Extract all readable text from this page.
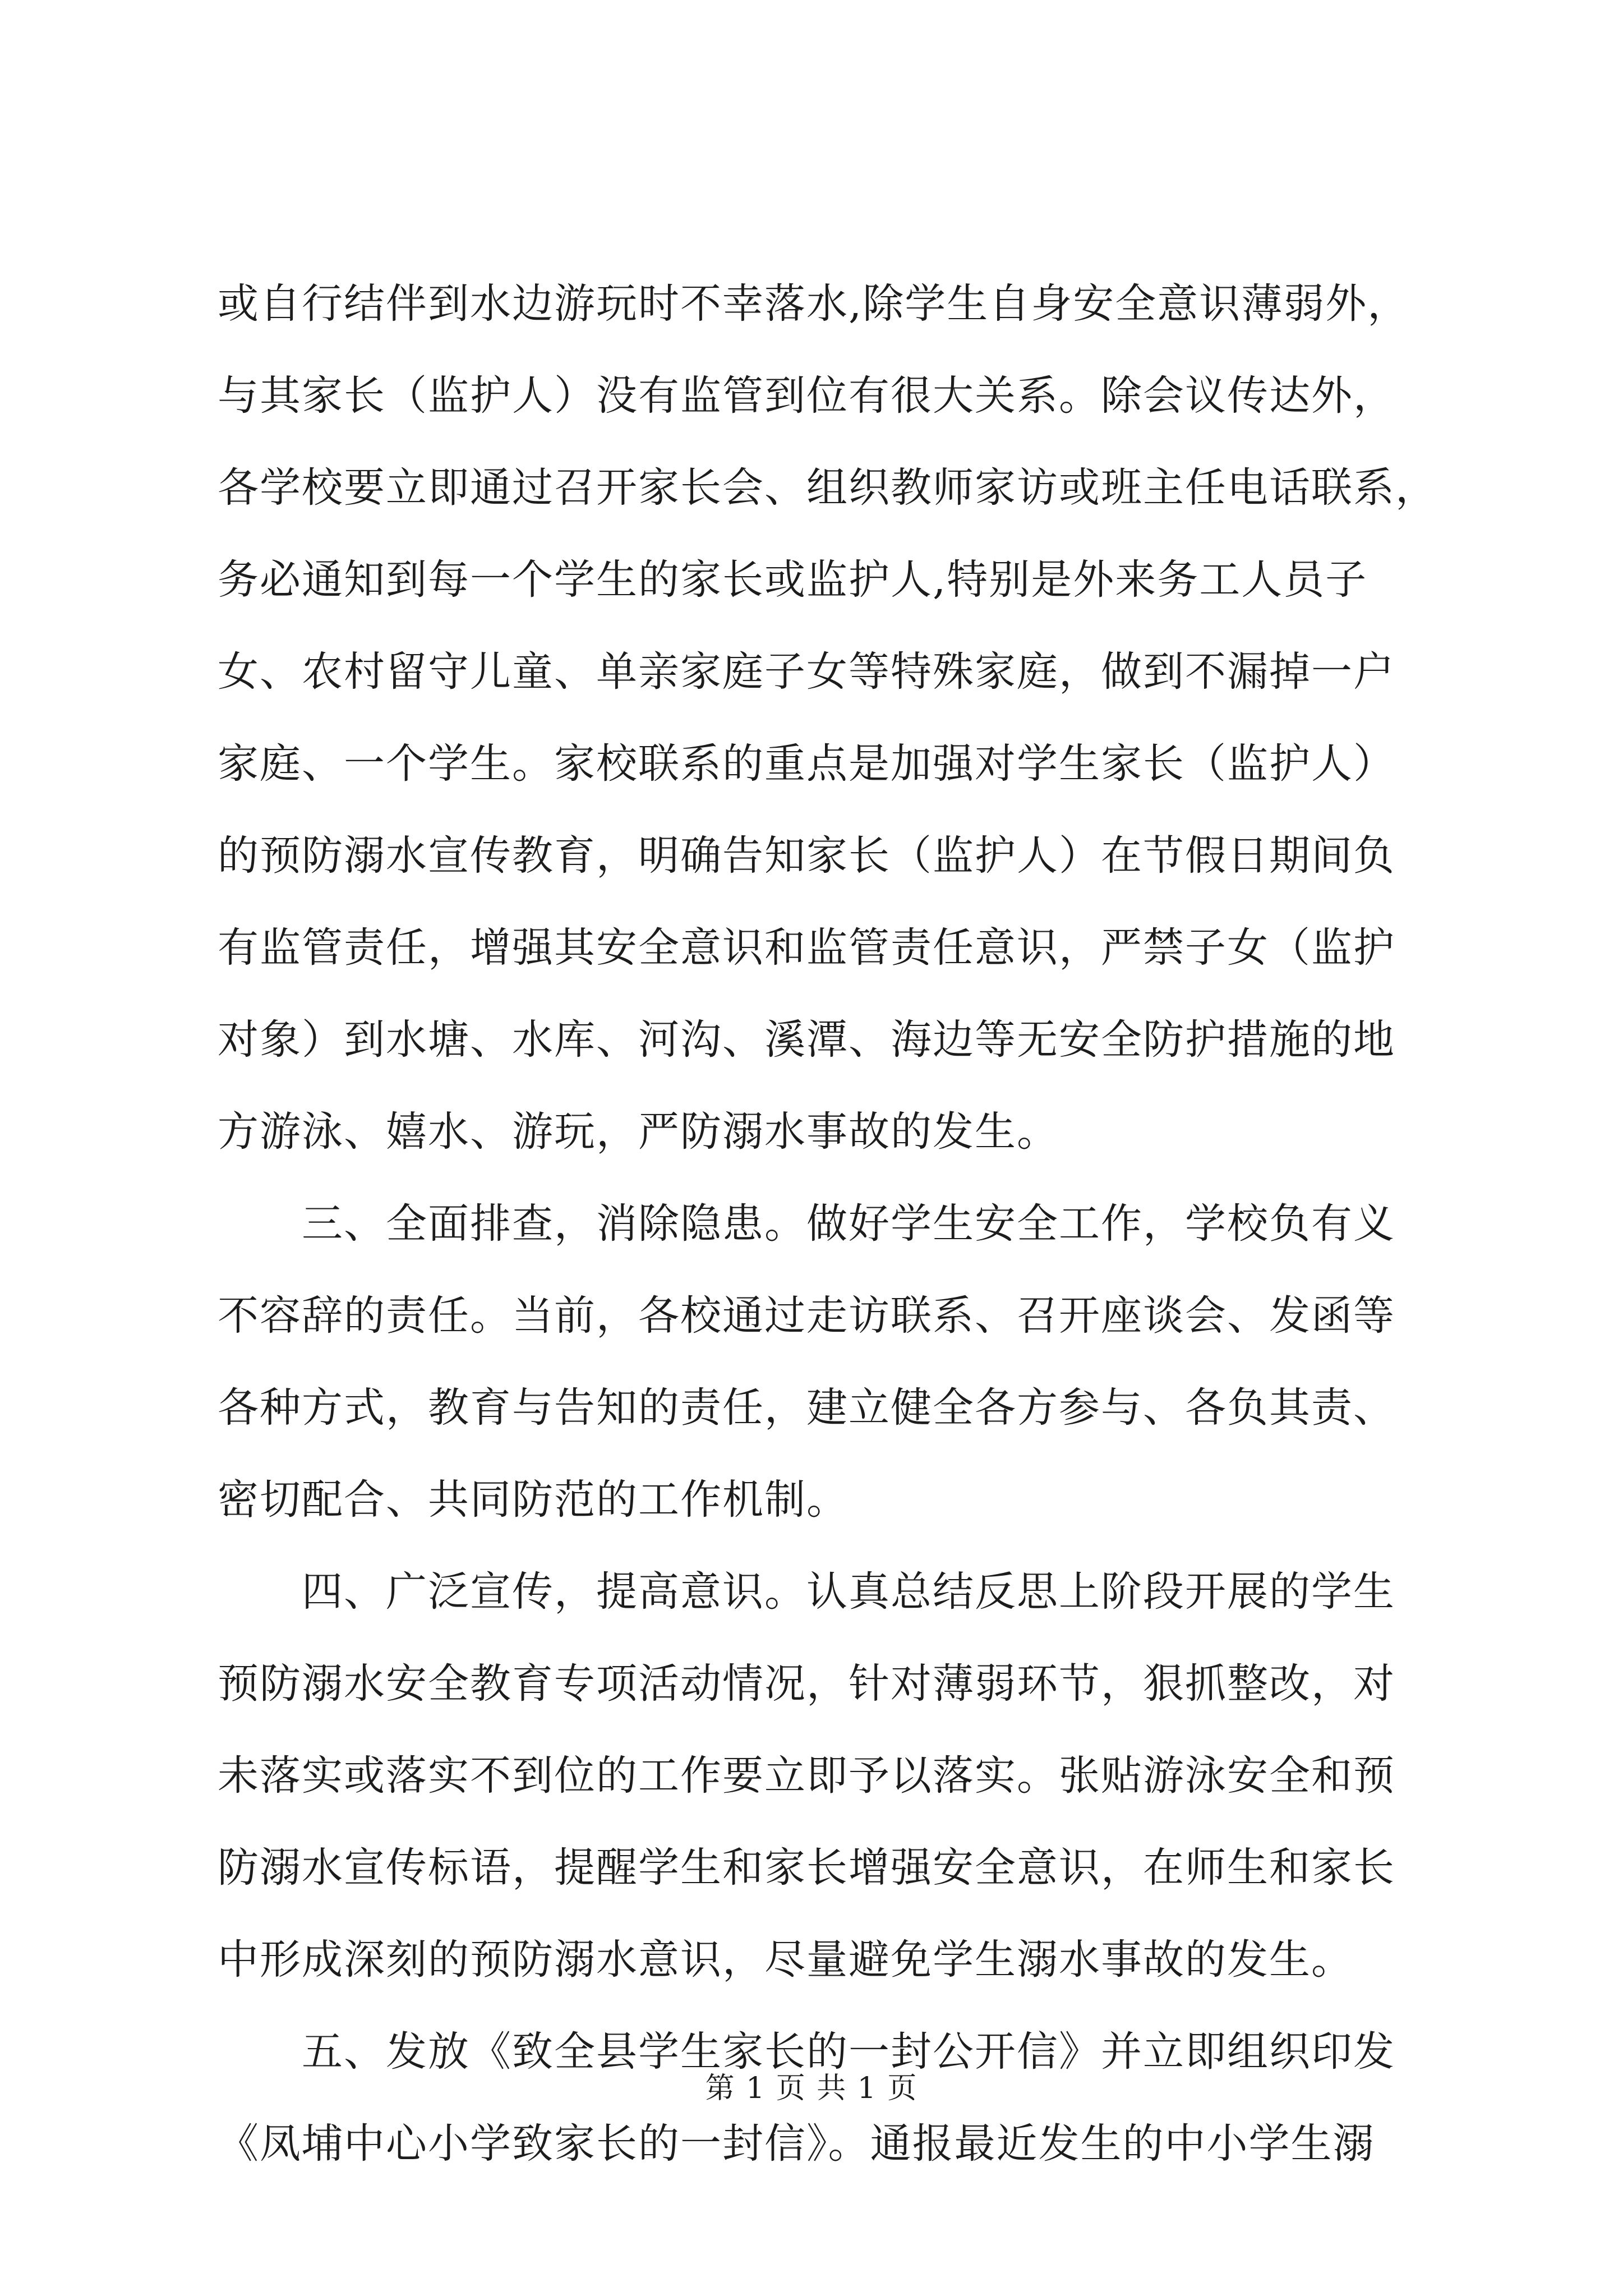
或自行结伴到水边游玩时不幸落水,除学生自身安全意识薄弱外，
与其家长（监护人）没有监管到位有很大关系。除会议传达外，
各学校要立即通过召开家长会、组织教师家访或班主任电话联系，
务必通知到每一个学生的家长或监护人,特别是外来务工人员子
女、农村留守儿童、单亲家庭子女等特殊家庭，做到不漏掉一户
家庭、一个学生。家校联系的重点是加强对学生家长（监护人）
的预防溺水宣传教育，明确告知家长（监护人）在节假日期间负
有监管责任，增强其安全意识和监管责任意识，严禁子女（监护
对象）到水塘、水库、河沟、溪潭、海边等无安全防护措施的地
方游泳、嬉水、游玩，严防溺水事故的发生。
三、全面排查，消除隐患。做好学生安全工作，学校负有义
不容辞的责任。当前，各校通过走访联系、召开座谈会、发函等
各种方式，教育与告知的责任，建立健全各方参与、各负其责、
密切配合、共同防范的工作机制。
四、广泛宣传，提高意识。认真总结反思上阶段开展的学生
预防溺水安全教育专项活动情况，针对薄弱环节，狠抓整改，对
未落实或落实不到位的工作要立即予以落实。张贴游泳安全和预
防溺水宣传标语，提醒学生和家长增强安全意识，在师生和家长
中形成深刻的预防溺水意识，尽量避免学生溺水事故的发生。
五、发放《致全县学生家长的一封公开信》并立即组织印发
《凤埔中心小学致家长的一封信》。通报最近发生的中小学生溺
第 1 页 共 1 页
